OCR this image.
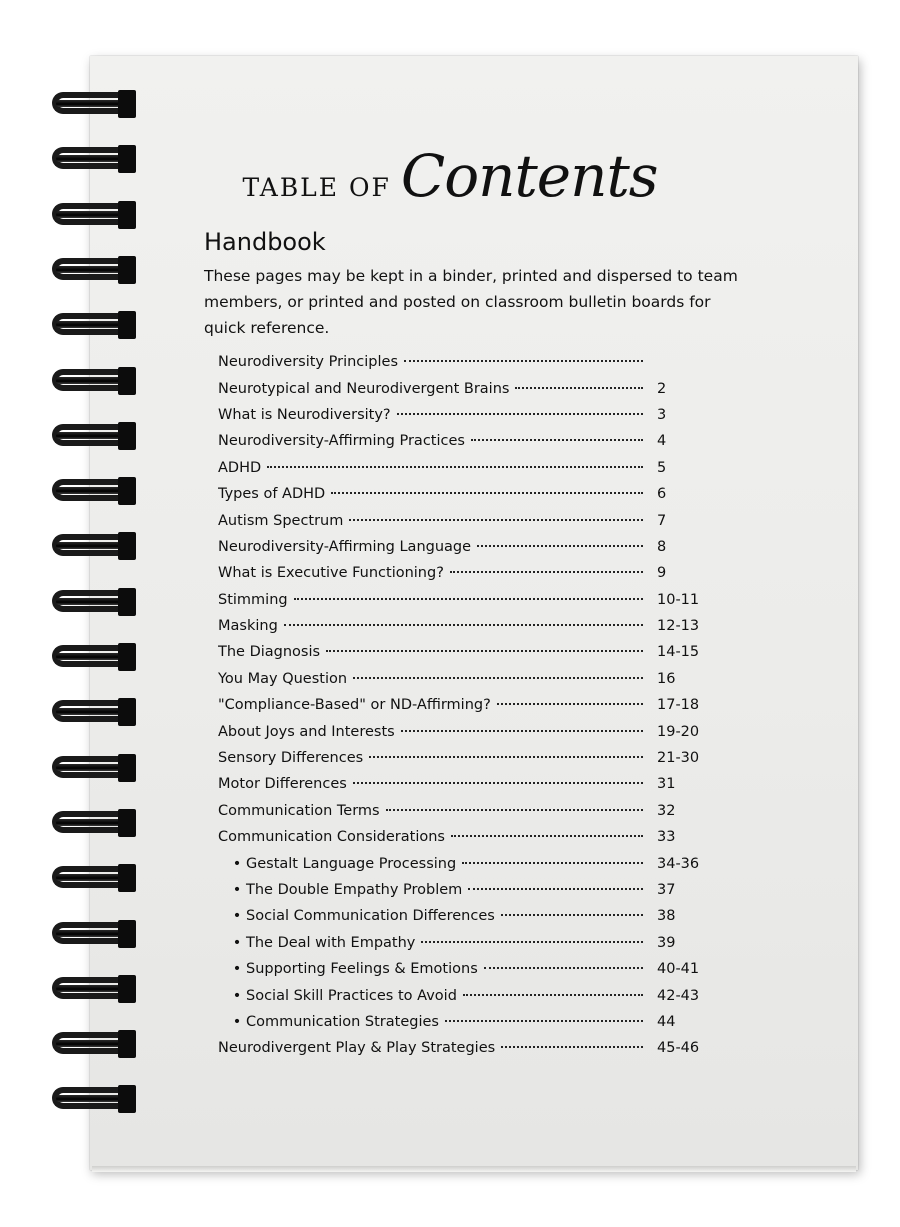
TABLE OF Contents
Handbook
These pages may be kept in a binder, printed and dispersed to team members, or printed and posted on classroom bulletin boards for quick reference.
Neurodiversity Principles
Neurotypical and Neurodivergent Brains	2
What is Neurodiversity?	3
Neurodiversity-Affirming Practices	4
ADHD	5
Types of ADHD	6
Autism Spectrum	7
Neurodiversity-Affirming Language	8
What is Executive Functioning?	9
Stimming	10-11
Masking	12-13
The Diagnosis	14-15
You May Question	16
"Compliance-Based" or ND-Affirming?	17-18
About Joys and Interests	19-20
Sensory Differences	21-30
Motor Differences	31
Communication Terms	32
Communication Considerations	33
• Gestalt Language Processing	34-36
• The Double Empathy Problem	37
• Social Communication Differences	38
• The Deal with Empathy	39
• Supporting Feelings & Emotions	40-41
• Social Skill Practices to Avoid	42-43
• Communication Strategies	44
Neurodivergent Play & Play Strategies	45-46
